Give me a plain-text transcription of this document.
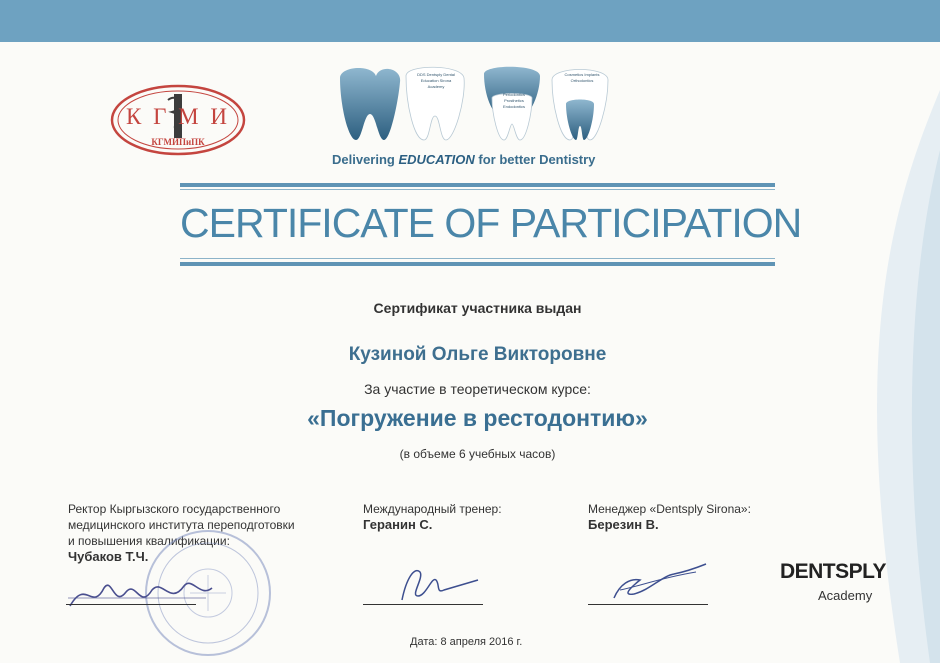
К Г М И
КГМИПиПК
DDS Dentsply Dental Education Sirona Academy
Periodontics Prosthetics Endodontics
Cosmetics Implants Orthodontics
Delivering EDUCATION for better Dentistry
CERTIFICATE OF PARTICIPATION
Сертификат участника выдан
Кузиной Ольге Викторовне
За участие в теоретическом курсе:
«Погружение в рестодонтию»
(в объеме 6 учебных часов)
Ректор Кыргызского государственного
медицинского института переподготовки
и повышения квалификации:
Чубаков Т.Ч.
Международный тренер:
Геранин С.
Менеджер «Dentsply Sirona»:
Березин В.
DENTSPLY
Academy
Дата: 8 апреля 2016 г.
